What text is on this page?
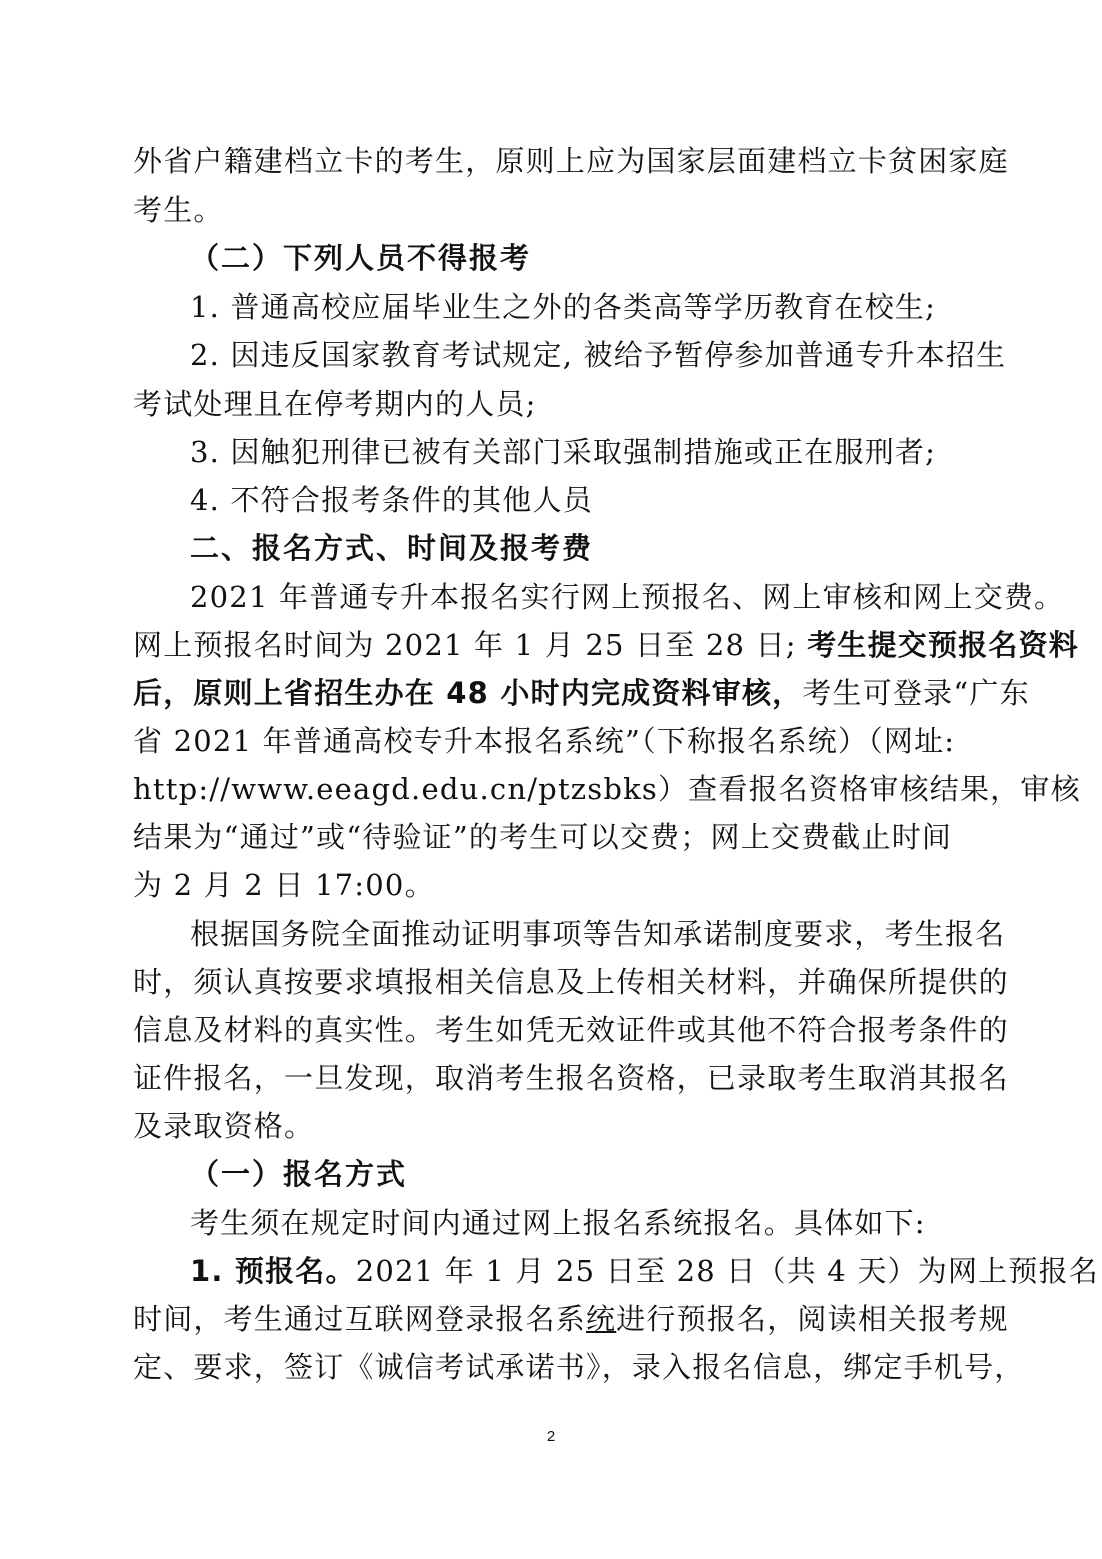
外省户籍建档立卡的考生，原则上应为国家层面建档立卡贫困家庭
考生。
（二）下列人员不得报考
1. 普通高校应届毕业生之外的各类高等学历教育在校生;
2. 因违反国家教育考试规定, 被给予暂停参加普通专升本招生
考试处理且在停考期内的人员;
3. 因触犯刑律已被有关部门采取强制措施或正在服刑者;
4. 不符合报考条件的其他人员
二、报名方式、时间及报考费
2021 年普通专升本报名实行网上预报名、网上审核和网上交费。
网上预报名时间为 2021 年 1 月 25 日至 28 日; 考生提交预报名资料
后，原则上省招生办在 48 小时内完成资料审核，考生可登录“广东
省 2021 年普通高校专升本报名系统”（下称报名系统）（网址:
http://www.eeagd.edu.cn/ptzsbks）查看报名资格审核结果，审核
结果为“通过”或“待验证”的考生可以交费；网上交费截止时间
为 2 月 2 日 17:00。
根据国务院全面推动证明事项等告知承诺制度要求，考生报名
时，须认真按要求填报相关信息及上传相关材料，并确保所提供的
信息及材料的真实性。考生如凭无效证件或其他不符合报考条件的
证件报名，一旦发现，取消考生报名资格，已录取考生取消其报名
及录取资格。
（一）报名方式
考生须在规定时间内通过网上报名系统报名。具体如下:
1. 预报名。2021 年 1 月 25 日至 28 日（共 4 天）为网上预报名
时间，考生通过互联网登录报名系统进行预报名，阅读相关报考规
定、要求，签订《诚信考试承诺书》，录入报名信息，绑定手机号，
2
